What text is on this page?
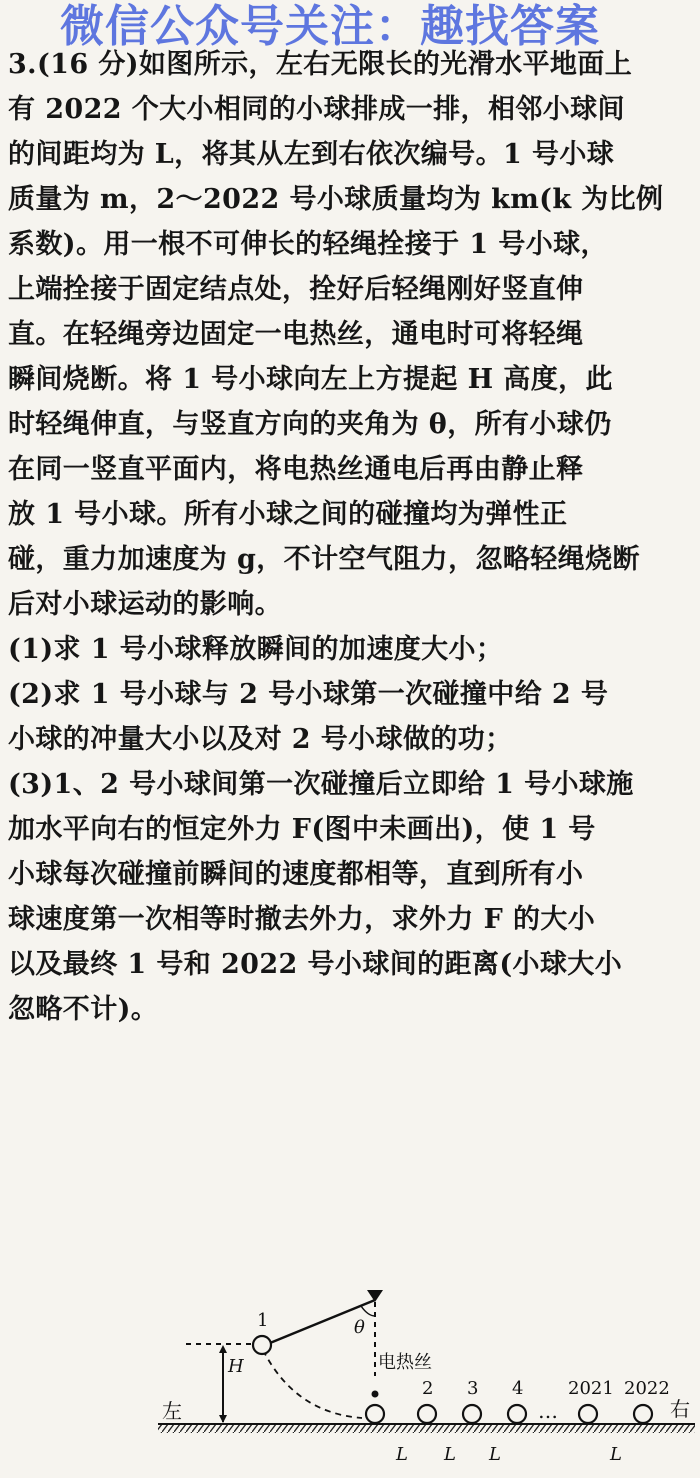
微信公众号关注：趣找答案
3.(16 分)如图所示，左右无限长的光滑水平地面上
有 2022 个大小相同的小球排成一排，相邻小球间
的间距均为 L，将其从左到右依次编号。1 号小球
质量为 m，2～2022 号小球质量均为 km(k 为比例
系数)。用一根不可伸长的轻绳拴接于 1 号小球，
上端拴接于固定结点处，拴好后轻绳刚好竖直伸
直。在轻绳旁边固定一电热丝，通电时可将轻绳
瞬间烧断。将 1 号小球向左上方提起 H 高度，此
时轻绳伸直，与竖直方向的夹角为 θ，所有小球仍
在同一竖直平面内，将电热丝通电后再由静止释
放 1 号小球。所有小球之间的碰撞均为弹性正
碰，重力加速度为 g，不计空气阻力，忽略轻绳烧断
后对小球运动的影响。
(1)求 1 号小球释放瞬间的加速度大小；
(2)求 1 号小球与 2 号小球第一次碰撞中给 2 号
小球的冲量大小以及对 2 号小球做的功；
(3)1、2 号小球间第一次碰撞后立即给 1 号小球施
加水平向右的恒定外力 F(图中未画出)，使 1 号
小球每次碰撞前瞬间的速度都相等，直到所有小
球速度第一次相等时撤去外力，求外力 F 的大小
以及最终 1 号和 2022 号小球间的距离(小球大小
忽略不计)。
左	右
1	θ
H	电热丝
2 3 4 2021 2022
…
L L L	L
